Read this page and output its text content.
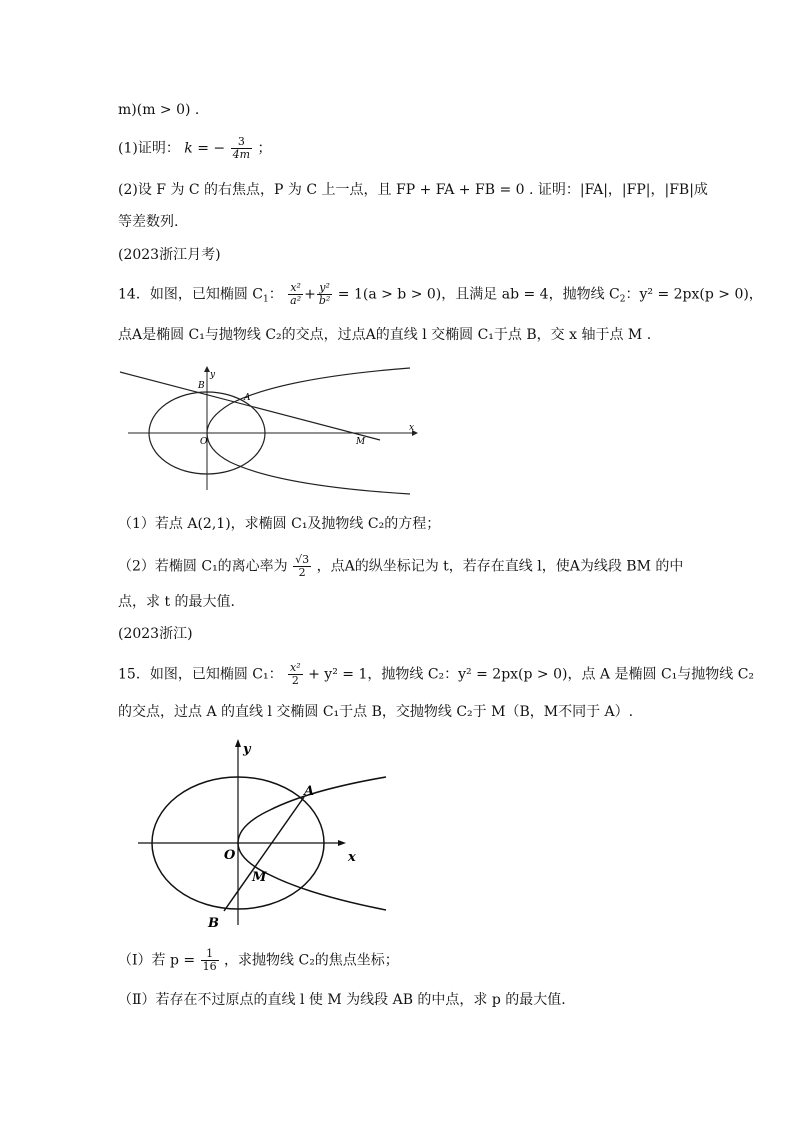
m)(m > 0) .
(1)证明： k = − $\frac{3}{4m}$ ；
(2)设 F 为 C 的右焦点，P 为 C 上一点，且 FP + FA + FB = 0 . 证明：|FA|，|FP|，|FB|成
等差数列.
(2023浙江月考)
14．如图，已知椭圆 $C_1$： $\frac{\text{x²}}{\text{a²}} + \frac{\text{y²}}{\text{b²}} = 1(a > b > 0)$，且满足 ab = 4，抛物线 $C_2$：y² = 2px(p > 0)，
点A是椭圆 C₁与抛物线 C₂的交点，过点A的直线 l 交椭圆 C₁于点 B，交 x 轴于点 M .
B
A
O	M
x
y
（1）若点 A(2,1)，求椭圆 C₁及抛物线 C₂的方程；
（2）若椭圆 C₁的离心率为 $\frac{√3}{2}$ ，点A的纵坐标记为 t，若存在直线 l，使A为线段 BM 的中
点，求 t 的最大值.
(2023浙江)
15．如图，已知椭圆 C₁： $\frac{\text{x²}}{2} + y^2 = 1$，抛物线 C₂：y² = 2px(p > 0)，点 A 是椭圆 C₁与抛物线 C₂
的交点，过点 A 的直线 l 交椭圆 C₁于点 B，交抛物线 C₂于 M（B，M不同于 A）.
y
A
O	x
M
B
（Ⅰ）若 $p = \frac{1}{16}$ ，求抛物线 C₂的焦点坐标；
（Ⅱ）若存在不过原点的直线 l 使 M 为线段 AB 的中点，求 p 的最大值.
